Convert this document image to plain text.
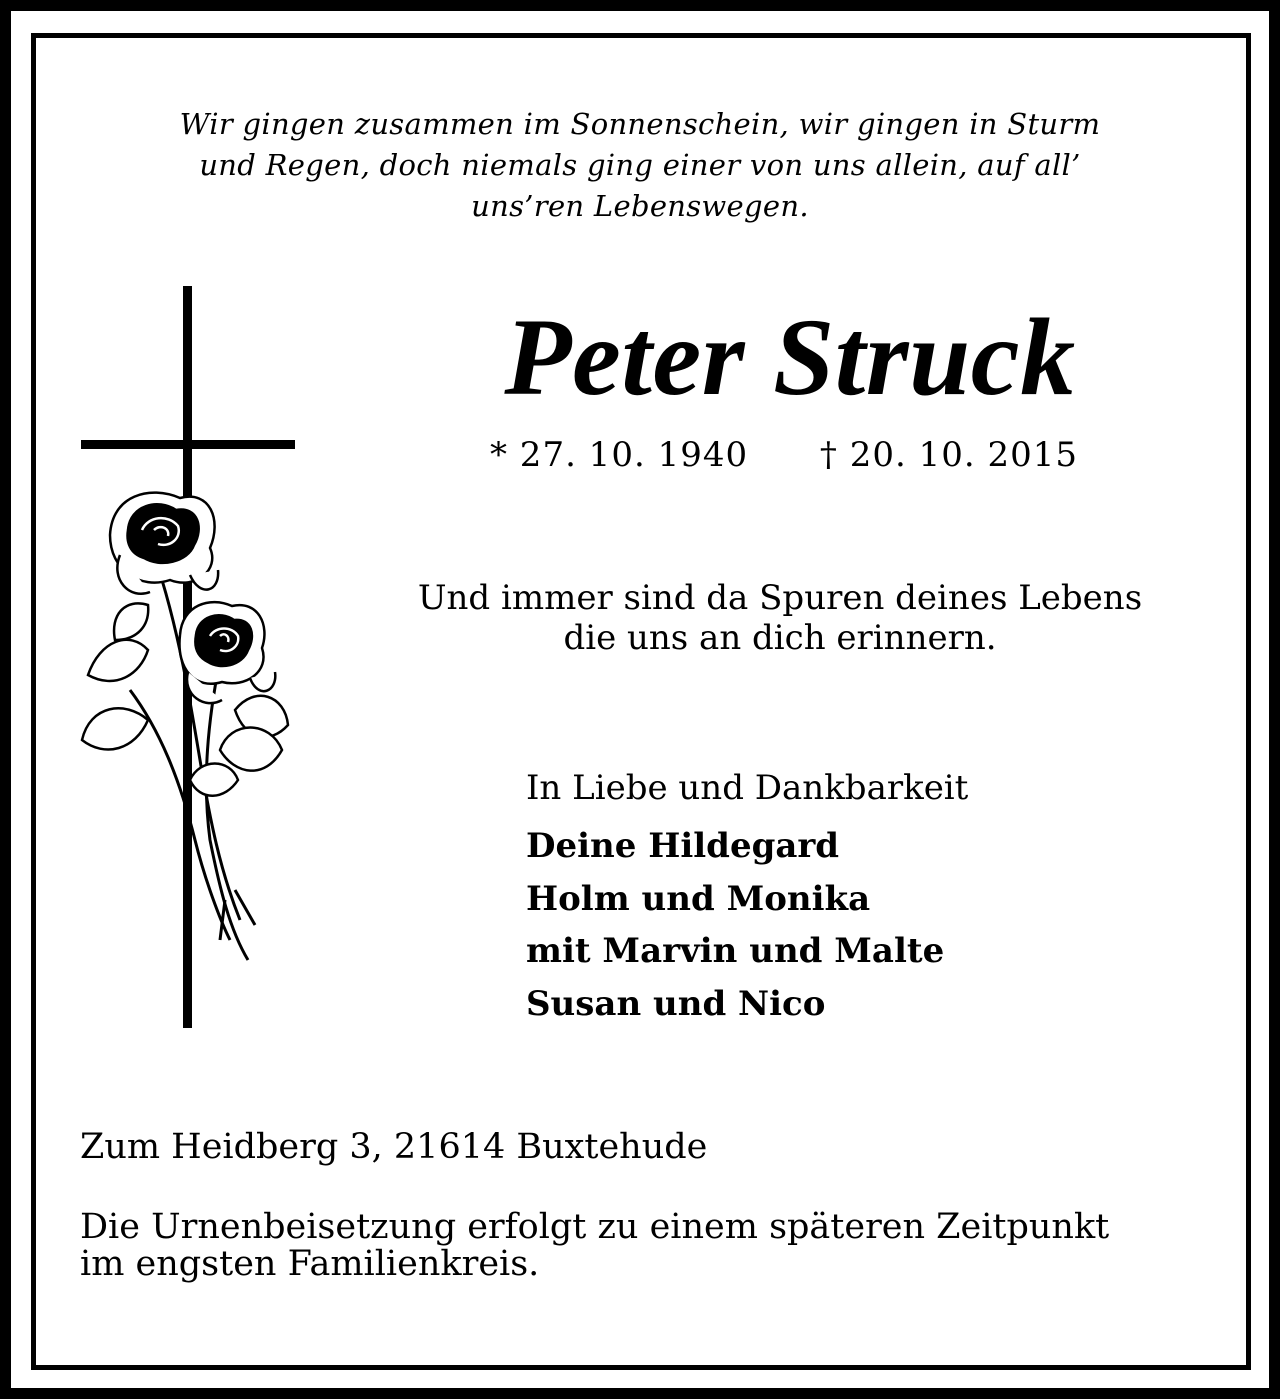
Wir gingen zusammen im Sonnenschein, wir gingen in Sturm
und Regen, doch niemals ging einer von uns allein, auf all’
uns’ren Lebenswegen.
Peter Struck
* 27. 10. 1940 † 20. 10. 2015
Und immer sind da Spuren deines Lebens
die uns an dich erinnern.
In Liebe und Dankbarkeit
Deine Hildegard
Holm und Monika
mit Marvin und Malte
Susan und Nico
Zum Heidberg 3, 21614 Buxtehude
Die Urnenbeisetzung erfolgt zu einem späteren Zeitpunkt
im engsten Familienkreis.
